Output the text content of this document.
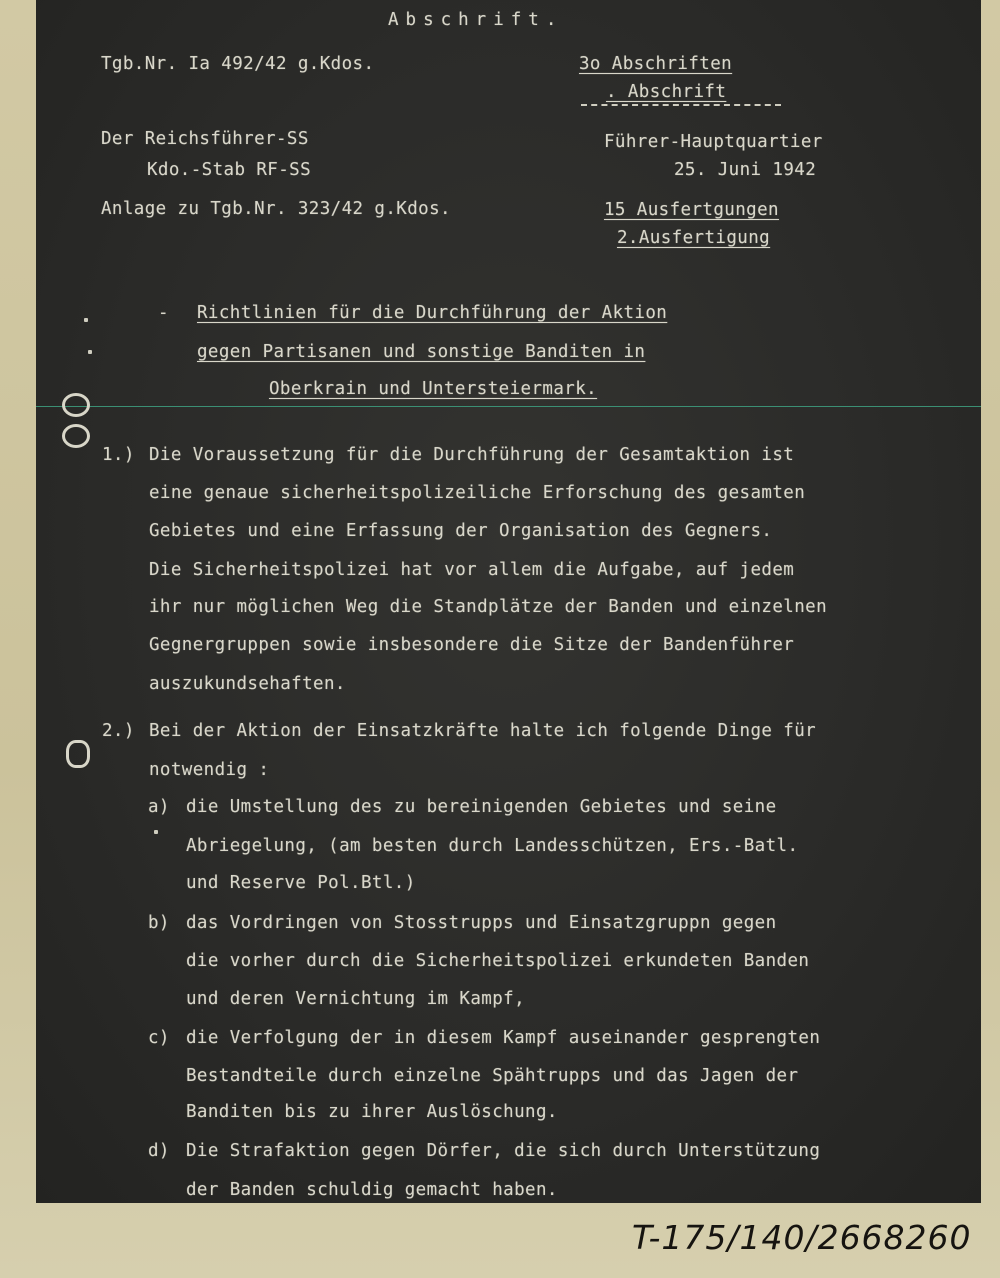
Abschrift.
Tgb.Nr. Ia 492/42 g.Kdos.	3o Abschriften
. Abschrift
Der Reichsführer-SS
Kdo.-Stab RF-SS
Führer-Hauptquartier
25. Juni 1942
Anlage zu Tgb.Nr. 323/42 g.Kdos.	15 Ausfertgungen
2.Ausfertigung
- Richtlinien für die Durchführung der Aktion
gegen Partisanen und sonstige Banditen in
Oberkrain und Untersteiermark.
1.) Die Voraussetzung für die Durchführung der Gesamtaktion ist
eine genaue sicherheitspolizeiliche Erforschung des gesamten
Gebietes und eine Erfassung der Organisation des Gegners.
Die Sicherheitspolizei hat vor allem die Aufgabe, auf jedem
ihr nur möglichen Weg die Standplätze der Banden und einzelnen
Gegnergruppen sowie insbesondere die Sitze der Bandenführer
auszukundsehaften.
2.) Bei der Aktion der Einsatzkräfte halte ich folgende Dinge für
notwendig :
a) die Umstellung des zu bereinigenden Gebietes und seine
Abriegelung, (am besten durch Landesschützen, Ers.-Batl.
und Reserve Pol.Btl.)
b) das Vordringen von Stosstrupps und Einsatzgruppn gegen
die vorher durch die Sicherheitspolizei erkundeten Banden
und deren Vernichtung im Kampf,
c) die Verfolgung der in diesem Kampf auseinander gesprengten
Bestandteile durch einzelne Spähtrupps und das Jagen der
Banditen bis zu ihrer Auslöschung.
d) Die Strafaktion gegen Dörfer, die sich durch Unterstützung
der Banden schuldig gemacht haben.
T-175/140/2668260
